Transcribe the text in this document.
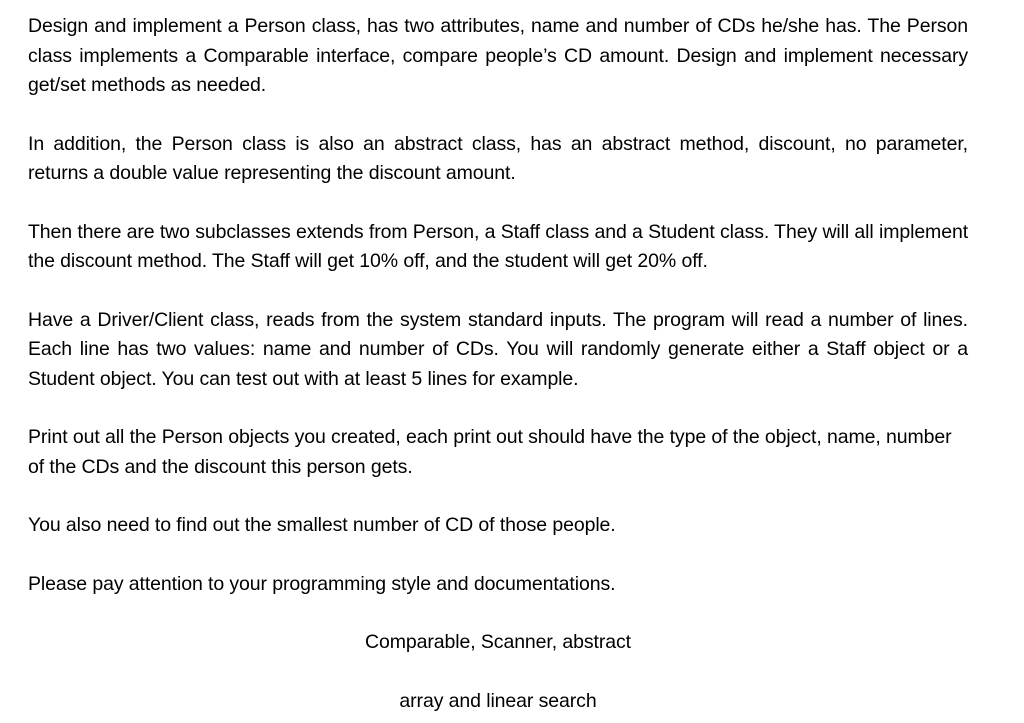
Design and implement a Person class, has two attributes, name and number of CDs he/she has. The Person class implements a Comparable interface, compare people’s CD amount. Design and implement necessary get/set methods as needed.

In addition, the Person class is also an abstract class, has an abstract method, discount, no parameter, returns a double value representing the discount amount.

Then there are two subclasses extends from Person, a Staff class and a Student class. They will all implement the discount method. The Staff will get 10% off, and the student will get 20% off.

Have a Driver/Client class, reads from the system standard inputs. The program will read a number of lines. Each line has two values: name and number of CDs. You will randomly generate either a Staff object or a Student object. You can test out with at least 5 lines for example.

Print out all the Person objects you created, each print out should have the type of the object, name, number of the CDs and the discount this person gets.

You also need to find out the smallest number of CD of those people.

Please pay attention to your programming style and documentations.

Comparable, Scanner, abstract

array and linear search
